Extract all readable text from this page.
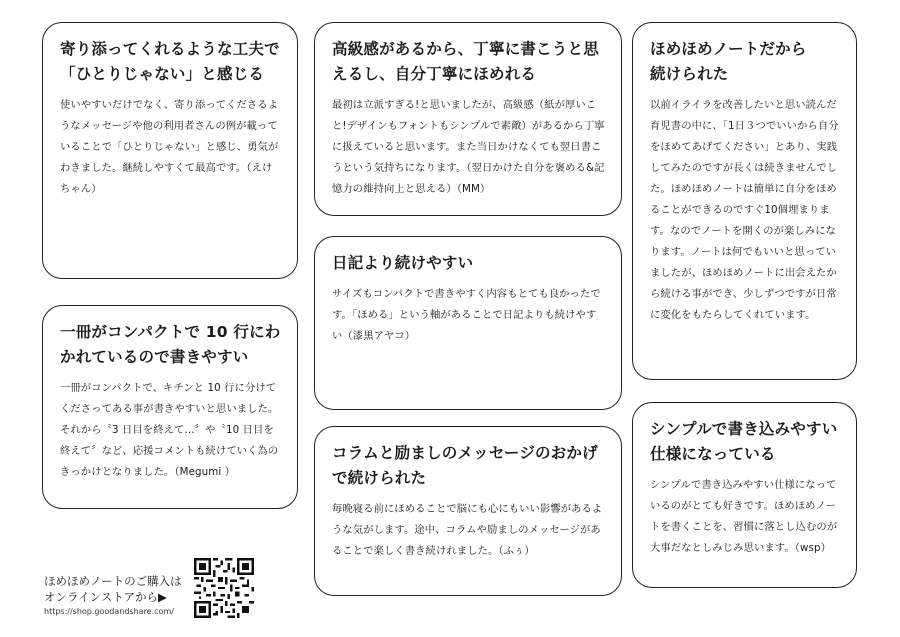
寄り添ってくれるような工夫で
「ひとりじゃない」と感じる

使いやすいだけでなく、寄り添ってくださるようなメッセージや他の利用者さんの例が載っていることで「ひとりじゃない」と感じ、勇気がわきました。継続しやすくて最高です。（えけちゃん）

一冊がコンパクトで 10 行にわかれているので書きやすい

一冊がコンパクトで、キチンと 10 行に分けてくださってある事が書きやすいと思いました。それから〝3 日目を終えて…〞や〝10 日目を終えて〞など、応援コメントも続けていく為のきっかけとなりました。（Megumi ）

高級感があるから、丁寧に書こうと思えるし、自分丁寧にほめれる

最初は立派すぎる!と思いましたが、高級感（紙が厚いこと!デザインもフォントもシンプルで素敵）があるから丁寧に扱えていると思います。また当日かけなくても翌日書こうという気持ちになります。（翌日かけた自分を褒める&記憶力の維持向上と思える）（MM）

日記より続けやすい

サイズもコンパクトで書きやすく内容もとても良かったです。「ほめる」という軸があることで日記よりも続けやすい（漆黒アヤコ）

コラムと励ましのメッセージのおかげで続けられた

毎晩寝る前にほめることで脳にも心にもいい影響があるような気がします。途中、コラムや励ましのメッセージがあることで楽しく書き続けれました。（ふぅ）

ほめほめノートだから
続けられた

以前イライラを改善したいと思い読んだ育児書の中に、「1日３つでいいから自分をほめてあげてください」とあり、実践してみたのですが長くは続きませんでした。ほめほめノートは簡単に自分をほめることができるのですぐ10個埋まります。なのでノートを開くのが楽しみになります。ノートは何でもいいと思っていましたが、ほめほめノートに出会えたから続ける事ができ、少しずつですが日常に変化をもたらしてくれています。

シンプルで書き込みやすい仕様になっている

シンプルで書き込みやすい仕様になっているのがとても好きです。ほめほめノートを書くことを、習慣に落とし込むのが大事だなとしみじみ思います。（wsp）

ほめほめノートのご購入は
オンラインストアから▶
https://shop.goodandshare.com/
